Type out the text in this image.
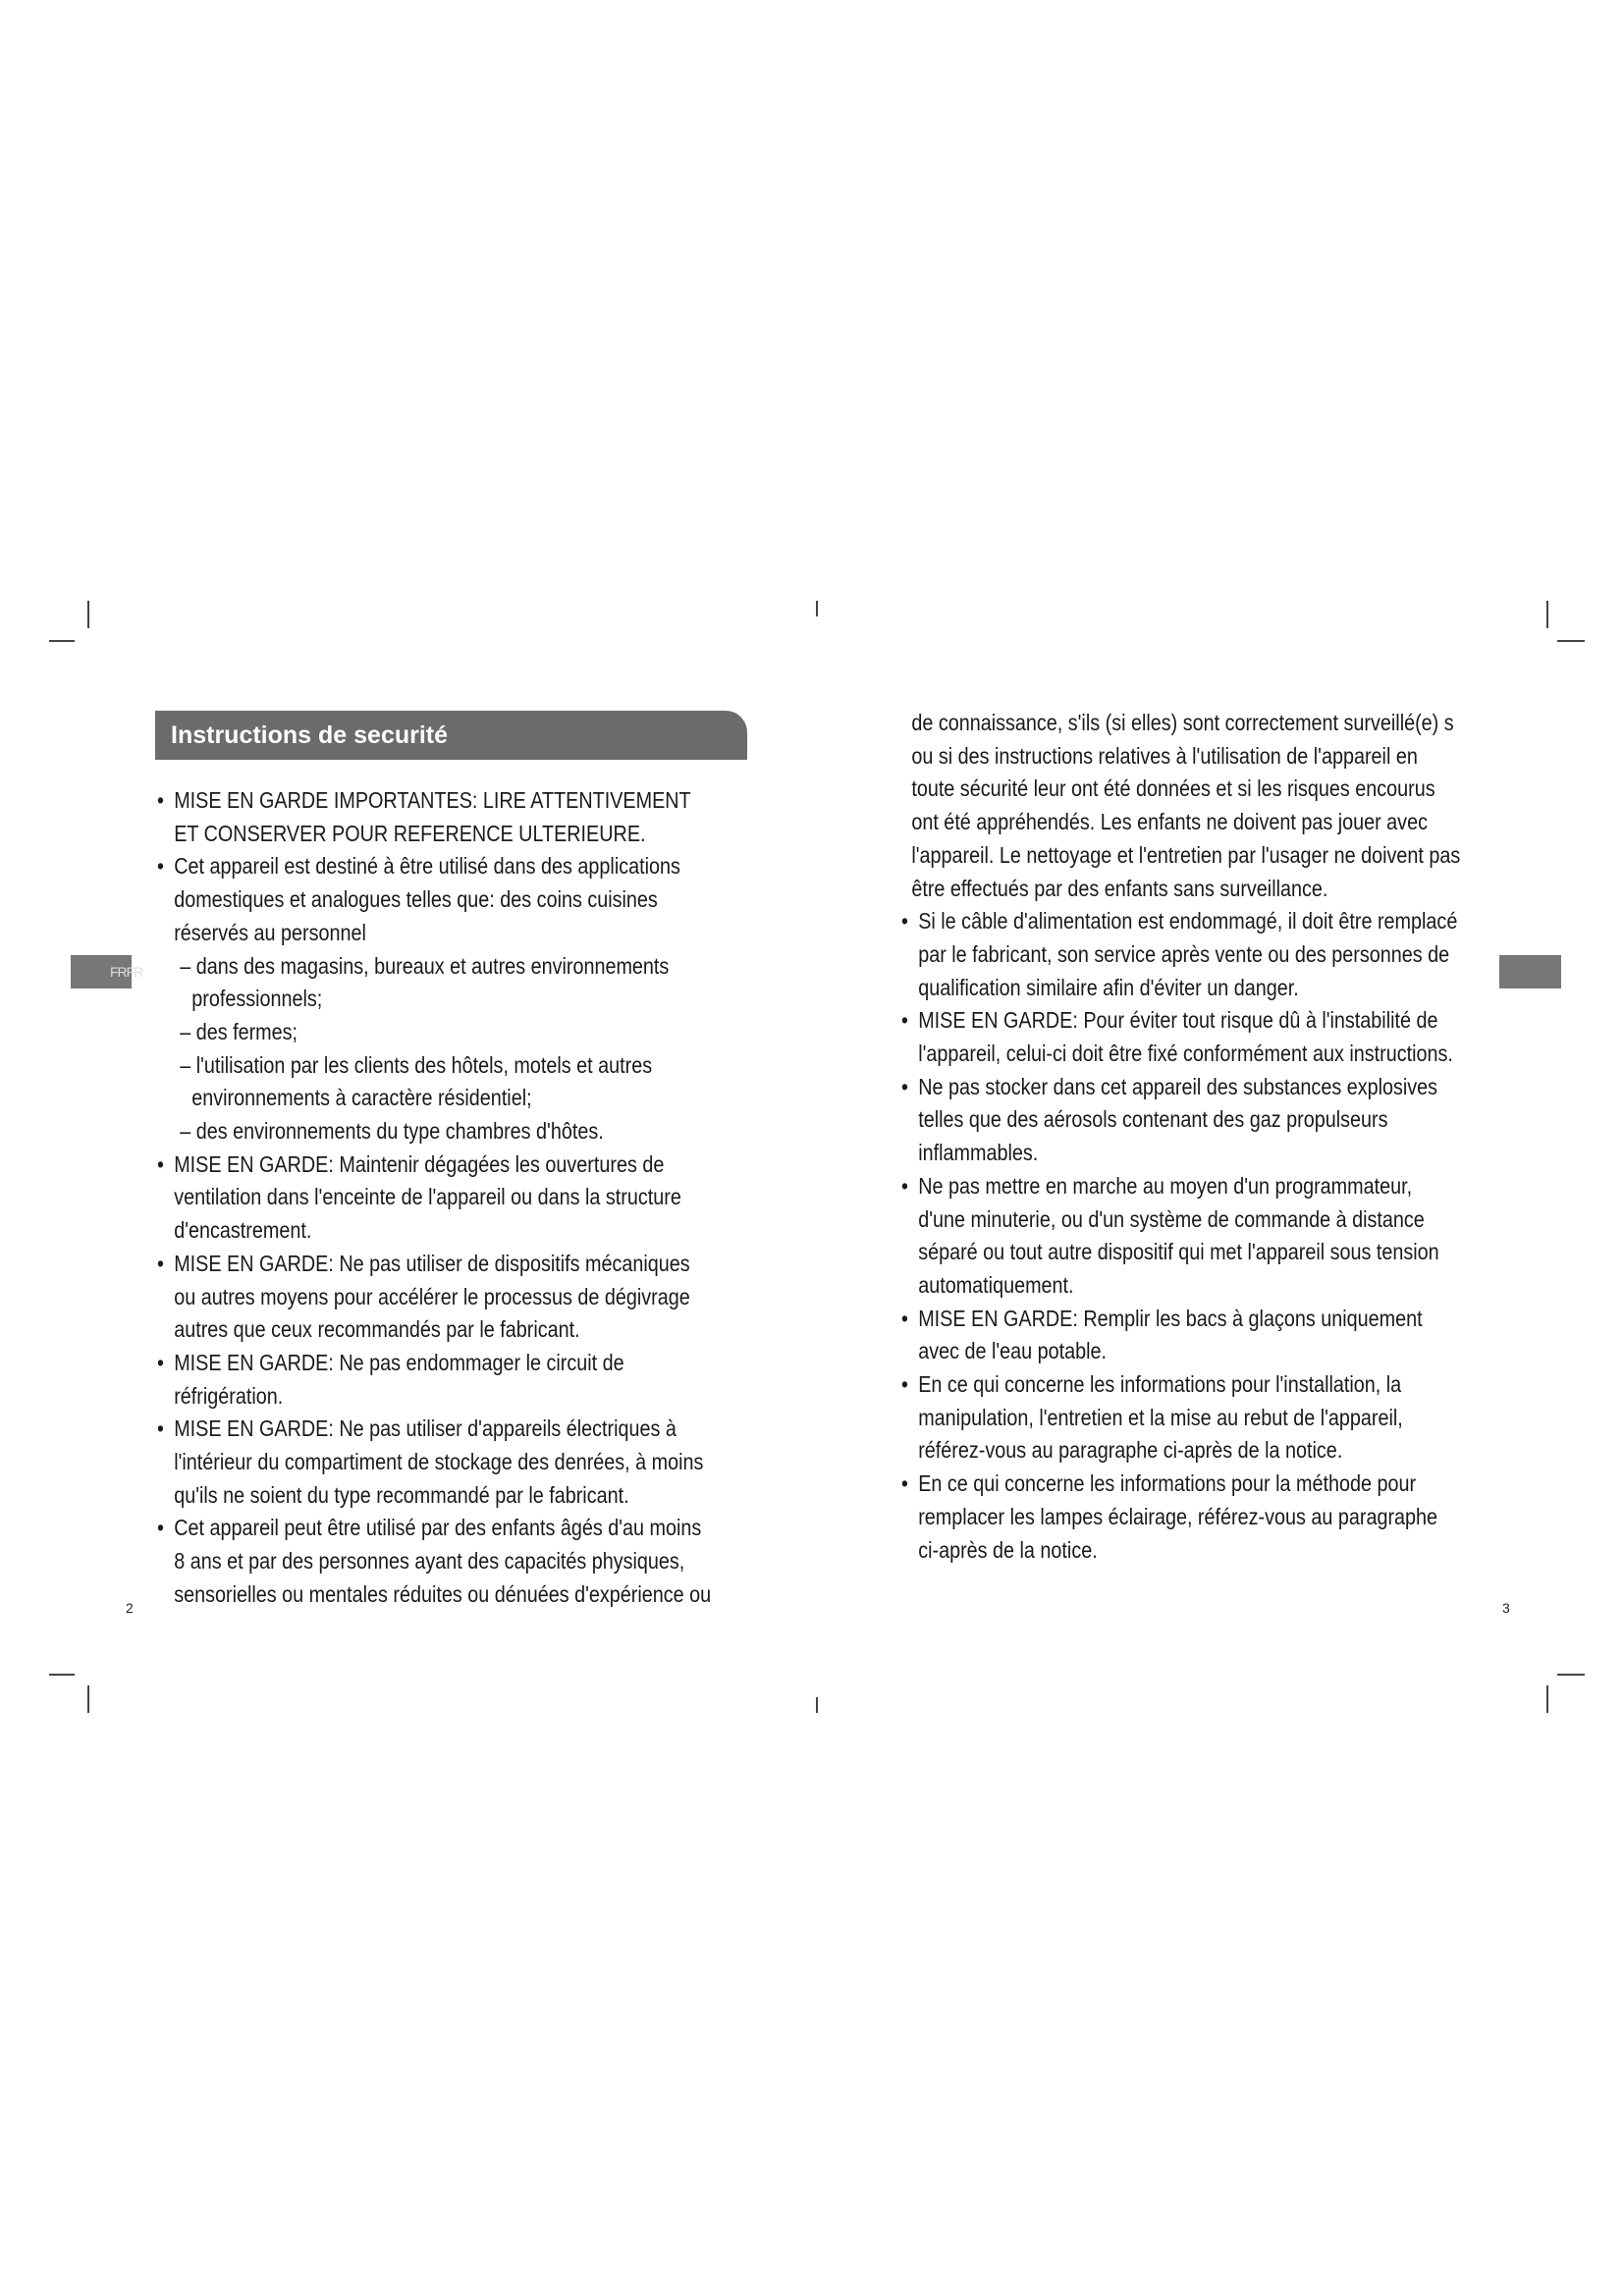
Instructions de securité
FRFR
• MISE EN GARDE IMPORTANTES: LIRE ATTENTIVEMENT ET CONSERVER POUR REFERENCE ULTERIEURE.
• Cet appareil est destiné à être utilisé dans des applications domestiques et analogues telles que: des coins cuisines réservés au personnel
– dans des magasins, bureaux et autres environnements professionnels;
– des fermes;
– l'utilisation par les clients des hôtels, motels et autres environnements à caractère résidentiel;
– des environnements du type chambres d'hôtes.
• MISE EN GARDE: Maintenir dégagées les ouvertures de ventilation dans l'enceinte de l'appareil ou dans la structure d'encastrement.
• MISE EN GARDE: Ne pas utiliser de dispositifs mécaniques ou autres moyens pour accélérer le processus de dégivrage autres que ceux recommandés par le fabricant.
• MISE EN GARDE: Ne pas endommager le circuit de réfrigération.
• MISE EN GARDE: Ne pas utiliser d'appareils électriques à l'intérieur du compartiment de stockage des denrées, à moins qu'ils ne soient du type recommandé par le fabricant.
• Cet appareil peut être utilisé par des enfants âgés d'au moins 8 ans et par des personnes ayant des capacités physiques, sensorielles ou mentales réduites ou dénuées d'expérience ou
de connaissance, s'ils (si elles) sont correctement surveillé(e) s ou si des instructions relatives à l'utilisation de l'appareil en toute sécurité leur ont été données et si les risques encourus ont été appréhendés. Les enfants ne doivent pas jouer avec l'appareil. Le nettoyage et l'entretien par l'usager ne doivent pas être effectués par des enfants sans surveillance.
• Si le câble d'alimentation est endommagé, il doit être remplacé par le fabricant, son service après vente ou des personnes de qualification similaire afin d'éviter un danger.
• MISE EN GARDE: Pour éviter tout risque dû à l'instabilité de l'appareil, celui-ci doit être fixé conformément aux instructions.
• Ne pas stocker dans cet appareil des substances explosives telles que des aérosols contenant des gaz propulseurs inflammables.
• Ne pas mettre en marche au moyen d'un programmateur, d'une minuterie, ou d'un système de commande à distance séparé ou tout autre dispositif qui met l'appareil sous tension automatiquement.
• MISE EN GARDE: Remplir les bacs à glaçons uniquement avec de l'eau potable.
• En ce qui concerne les informations pour l'installation, la manipulation, l'entretien et la mise au rebut de l'appareil, référez-vous au paragraphe ci-après de la notice.
• En ce qui concerne les informations pour la méthode pour remplacer les lampes éclairage, référez-vous au paragraphe ci-après de la notice.
2	3
